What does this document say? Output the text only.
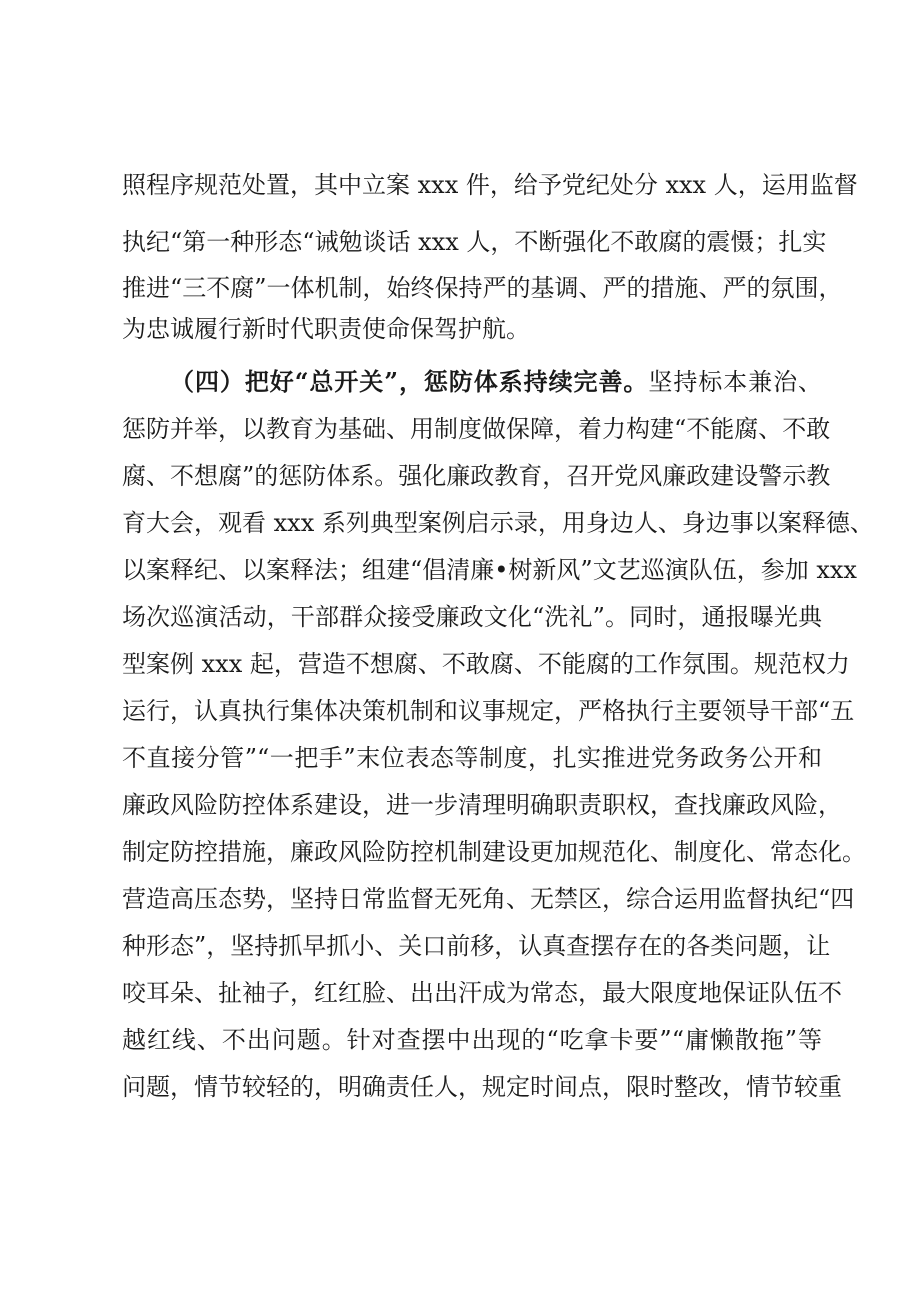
照程序规范处置，其中立案 xxx 件，给予党纪处分 xxx 人，运用监督
执纪“第一种形态“诫勉谈话 xxx 人，不断强化不敢腐的震慑；扎实
推进“三不腐”一体机制，始终保持严的基调、严的措施、严的氛围，
为忠诚履行新时代职责使命保驾护航。
（四）把好“总开关”，惩防体系持续完善。坚持标本兼治、
惩防并举，以教育为基础、用制度做保障，着力构建“不能腐、不敢
腐、不想腐”的惩防体系。强化廉政教育，召开党风廉政建设警示教
育大会，观看 xxx 系列典型案例启示录，用身边人、身边事以案释德、
以案释纪、以案释法；组建“倡清廉•树新风”文艺巡演队伍，参加 xxx
场次巡演活动，干部群众接受廉政文化“洗礼”。同时，通报曝光典
型案例 xxx 起，营造不想腐、不敢腐、不能腐的工作氛围。规范权力
运行，认真执行集体决策机制和议事规定，严格执行主要领导干部“五
不直接分管”“一把手”末位表态等制度，扎实推进党务政务公开和
廉政风险防控体系建设，进一步清理明确职责职权，查找廉政风险，
制定防控措施，廉政风险防控机制建设更加规范化、制度化、常态化。
营造高压态势，坚持日常监督无死角、无禁区，综合运用监督执纪“四
种形态”，坚持抓早抓小、关口前移，认真查摆存在的各类问题，让
咬耳朵、扯袖子，红红脸、出出汗成为常态，最大限度地保证队伍不
越红线、不出问题。针对查摆中出现的“吃拿卡要”“庸懒散拖”等
问题，情节较轻的，明确责任人，规定时间点，限时整改，情节较重
